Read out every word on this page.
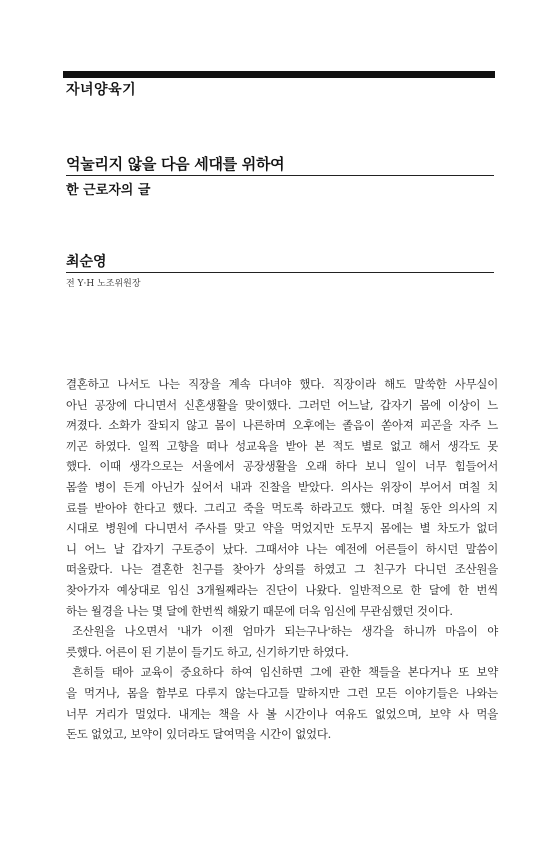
자녀양육기
억눌리지 않을 다음 세대를 위하여
한 근로자의 글
최순영
전 Y·H 노조위원장
결혼하고 나서도 나는 직장을 계속 다녀야 했다. 직장이라 해도 말쑥한 사무실이
아닌 공장에 다니면서 신혼생활을 맞이했다. 그러던 어느날, 갑자기 몸에 이상이 느
껴졌다. 소화가 잘되지 않고 몸이 나른하며 오후에는 졸음이 쏟아져 피곤을 자주 느
끼곤 하였다. 일찍 고향을 떠나 성교육을 받아 본 적도 별로 없고 해서 생각도 못
했다. 이때 생각으로는 서울에서 공장생활을 오래 하다 보니 일이 너무 힘들어서
몸쓸 병이 든게 아닌가 싶어서 내과 진찰을 받았다. 의사는 위장이 부어서 며칠 치
료를 받아야 한다고 했다. 그리고 죽을 먹도록 하라고도 했다. 며칠 동안 의사의 지
시대로 병원에 다니면서 주사를 맞고 약을 먹었지만 도무지 몸에는 별 차도가 없더
니 어느 날 갑자기 구토증이 났다. 그때서야 나는 예전에 어른들이 하시던 말씀이
떠올랐다. 나는 결혼한 친구를 찾아가 상의를 하였고 그 친구가 다니던 조산원을
찾아가자 예상대로 임신 3개월째라는 진단이 나왔다. 일반적으로 한 달에 한 번씩
하는 월경을 나는 몇 달에 한번씩 해왔기 때문에 더욱 임신에 무관심했던 것이다.
조산원을 나오면서 '내가 이젠 엄마가 되는구나'하는 생각을 하니까 마음이 야
릇했다. 어른이 된 기분이 들기도 하고, 신기하기만 하였다.
흔히들 태아 교육이 중요하다 하여 임신하면 그에 관한 책들을 본다거나 또 보약
을 먹거나, 몸을 함부로 다루지 않는다고들 말하지만 그런 모든 이야기들은 나와는
너무 거리가 멀었다. 내게는 책을 사 볼 시간이나 여유도 없었으며, 보약 사 먹을
돈도 없었고, 보약이 있더라도 달여먹을 시간이 없었다.
